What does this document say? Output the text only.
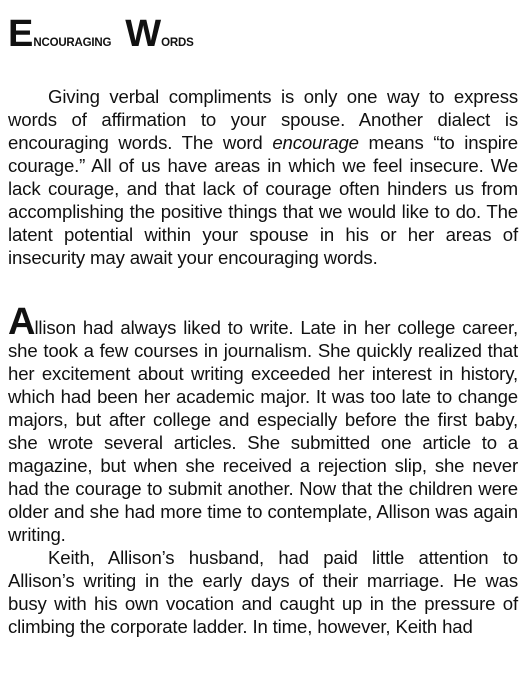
ENCOURAGING WORDS

Giving verbal compliments is only one way to express words of affirmation to your spouse. Another dialect is encouraging words. The word encourage means “to inspire courage.” All of us have areas in which we feel insecure. We lack courage, and that lack of courage often hinders us from accomplishing the positive things that we would like to do. The latent potential within your spouse in his or her areas of insecurity may await your encouraging words.

Allison had always liked to write. Late in her college career, she took a few courses in journalism. She quickly realized that her excitement about writing exceeded her interest in history, which had been her academic major. It was too late to change majors, but after college and especially before the first baby, she wrote several articles. She submitted one article to a magazine, but when she received a rejection slip, she never had the courage to submit another. Now that the children were older and she had more time to contemplate, Allison was again writing.

Keith, Allison’s husband, had paid little attention to Allison’s writing in the early days of their marriage. He was busy with his own vocation and caught up in the pressure of climbing the corporate ladder. In time, however, Keith had
